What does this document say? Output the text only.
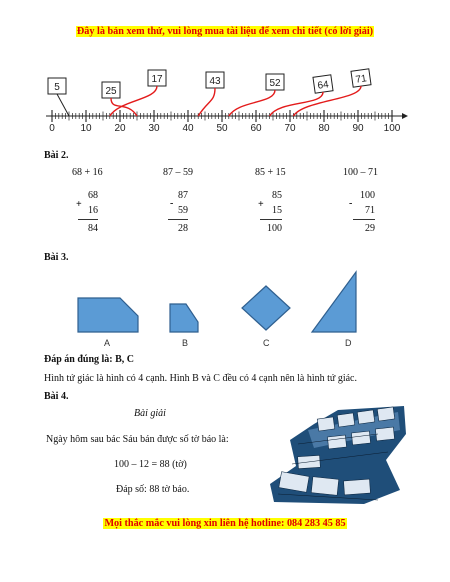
Đây là bản xem thử, vui lòng mua tài liệu để xem chi tiết (có lời giải)
0	10 20 30 40 50 60 70 80 90 100
5	25
17	43	52	64	71
Bài 2.
68 + 16	87 – 59	85 + 15	100 – 71
+
68
16
84
-
87
59
28
+
85
15
100
-
100
71
29
Bài 3.
A	B	C	D
Đáp án đúng là: B, C
Hình tứ giác là hình có 4 cạnh. Hình B và C đều có 4 cạnh nên là hình tứ giác.
Bài 4.
Bài giải
Ngày hôm sau bác Sáu bán được số tờ báo là:
100 – 12 = 88 (tờ)
Đáp số: 88 tờ báo.
Mọi thắc mắc vui lòng xin liên hệ hotline: 084 283 45 85
